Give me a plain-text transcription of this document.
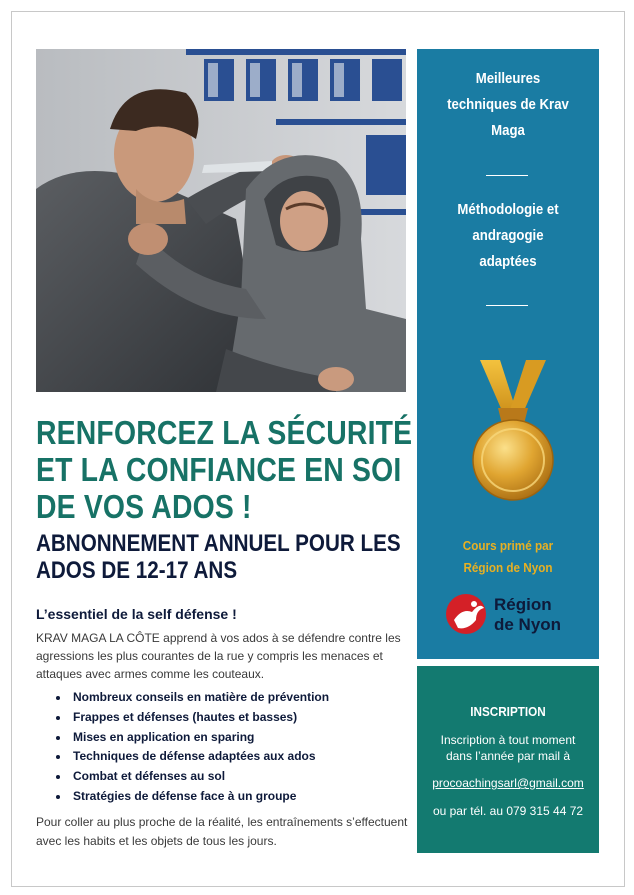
RENFORCEZ LA SÉCURITÉ
ET LA CONFIANCE EN SOI
DE VOS ADOS !
ABNONNEMENT ANNUEL POUR LES
ADOS DE 12-17 ANS
L’essentiel de la self défense !

KRAV MAGA LA CÔTE apprend à vos ados à se défendre contre les agressions les plus courantes de la rue y compris les menaces et attaques avec armes comme les couteaux.

Nombreux conseils en matière de prévention
Frappes et défenses (hautes et basses)
Mises en application en sparing
Techniques de défense adaptées aux ados
Combat et défenses au sol
Stratégies de défense face à un groupe

Pour coller au plus proche de la réalité, les entraînements s’effectuent avec les habits et les objets de tous les jours.

Meilleures
techniques de Krav
Maga
Méthodologie et
andragogie
adaptées
Cours primé par
Région de Nyon
Région
de Nyon
INSCRIPTION
Inscription à tout moment
dans l’année par mail à
procoachingsarl@gmail.com
ou par tél. au 079 315 44 72
